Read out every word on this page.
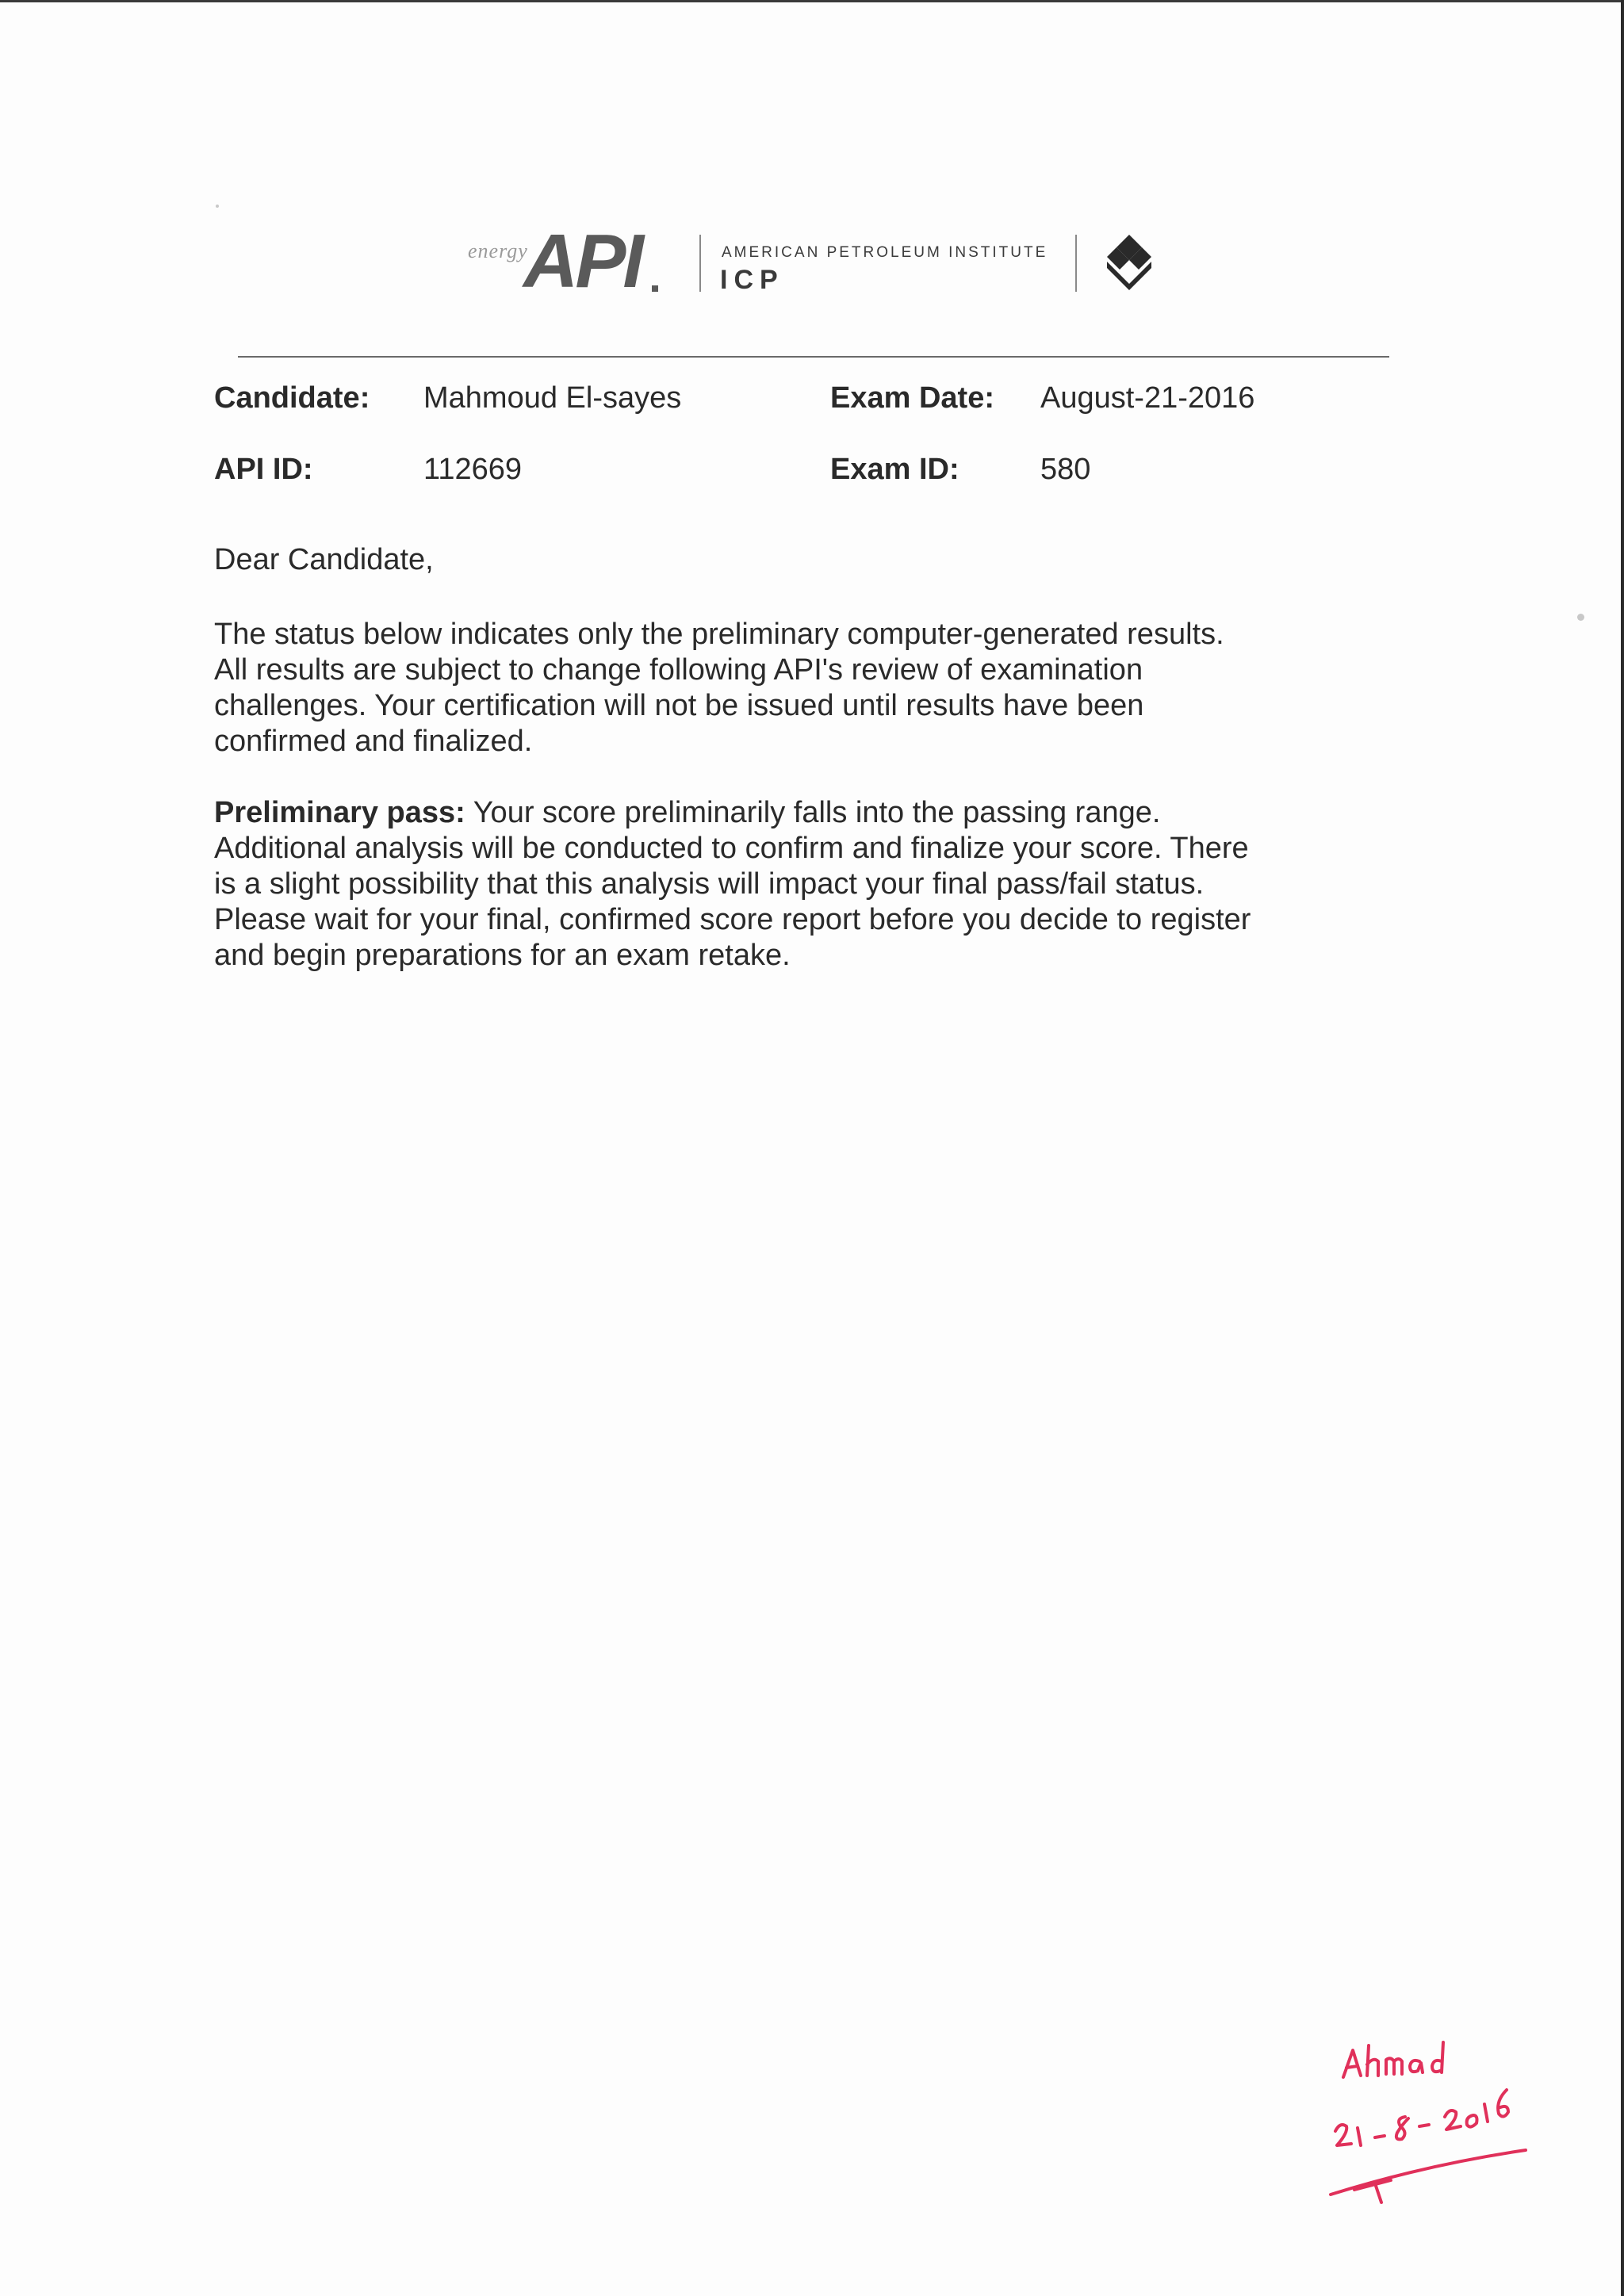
energy
API	AMERICAN PETROLEUM INSTITUTE
ICP
Candidate: Mahmoud El-sayes	Exam Date: August-21-2016
API ID:	112669	Exam ID:	580
Dear Candidate,
The status below indicates only the preliminary computer-generated results.
All results are subject to change following API's review of examination
challenges. Your certification will not be issued until results have been
confirmed and finalized.
Preliminary pass: Your score preliminarily falls into the passing range.
Additional analysis will be conducted to confirm and finalize your score. There
is a slight possibility that this analysis will impact your final pass/fail status.
Please wait for your final, confirmed score report before you decide to register
and begin preparations for an exam retake.
